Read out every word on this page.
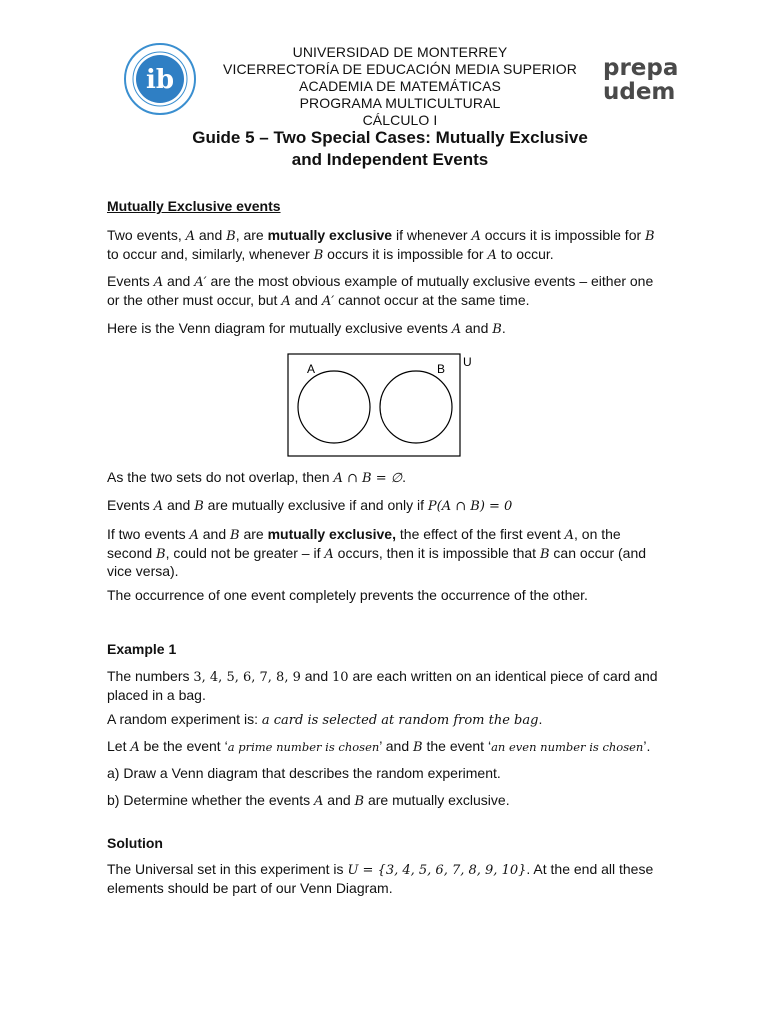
ib	prepa
udem
UNIVERSIDAD DE MONTERREY
VICERRECTORÍA DE EDUCACIÓN MEDIA SUPERIOR
ACADEMIA DE MATEMÁTICAS
PROGRAMA MULTICULTURAL
CÁLCULO I
Guide 5 – Two Special Cases: Mutually Exclusive
and Independent Events

Mutually Exclusive events

Two events, A and B, are mutually exclusive if whenever A occurs it is impossible for B
to occur and, similarly, whenever B occurs it is impossible for A to occur.

Events A and A′ are the most obvious example of mutually exclusive events – either one
or the other must occur, but A and A′ cannot occur at the same time.

Here is the Venn diagram for mutually exclusive events A and B.

A	B U

As the two sets do not overlap, then A ∩ B = ∅.

Events A and B are mutually exclusive if and only if P(A ∩ B) = 0

If two events A and B are mutually exclusive, the effect of the first event A, on the
second B, could not be greater – if A occurs, then it is impossible that B can occur (and
vice versa).

The occurrence of one event completely prevents the occurrence of the other.

Example 1

The numbers 3, 4, 5, 6, 7, 8, 9 and 10 are each written on an identical piece of card and
placed in a bag.

A random experiment is: a card is selected at random from the bag.

Let A be the event ‘a prime number is chosen’ and B the event ‘an even number is chosen’.

a) Draw a Venn diagram that describes the random experiment.

b) Determine whether the events A and B are mutually exclusive.

Solution

The Universal set in this experiment is U = {3, 4, 5, 6, 7, 8, 9, 10}. At the end all these
elements should be part of our Venn Diagram.
